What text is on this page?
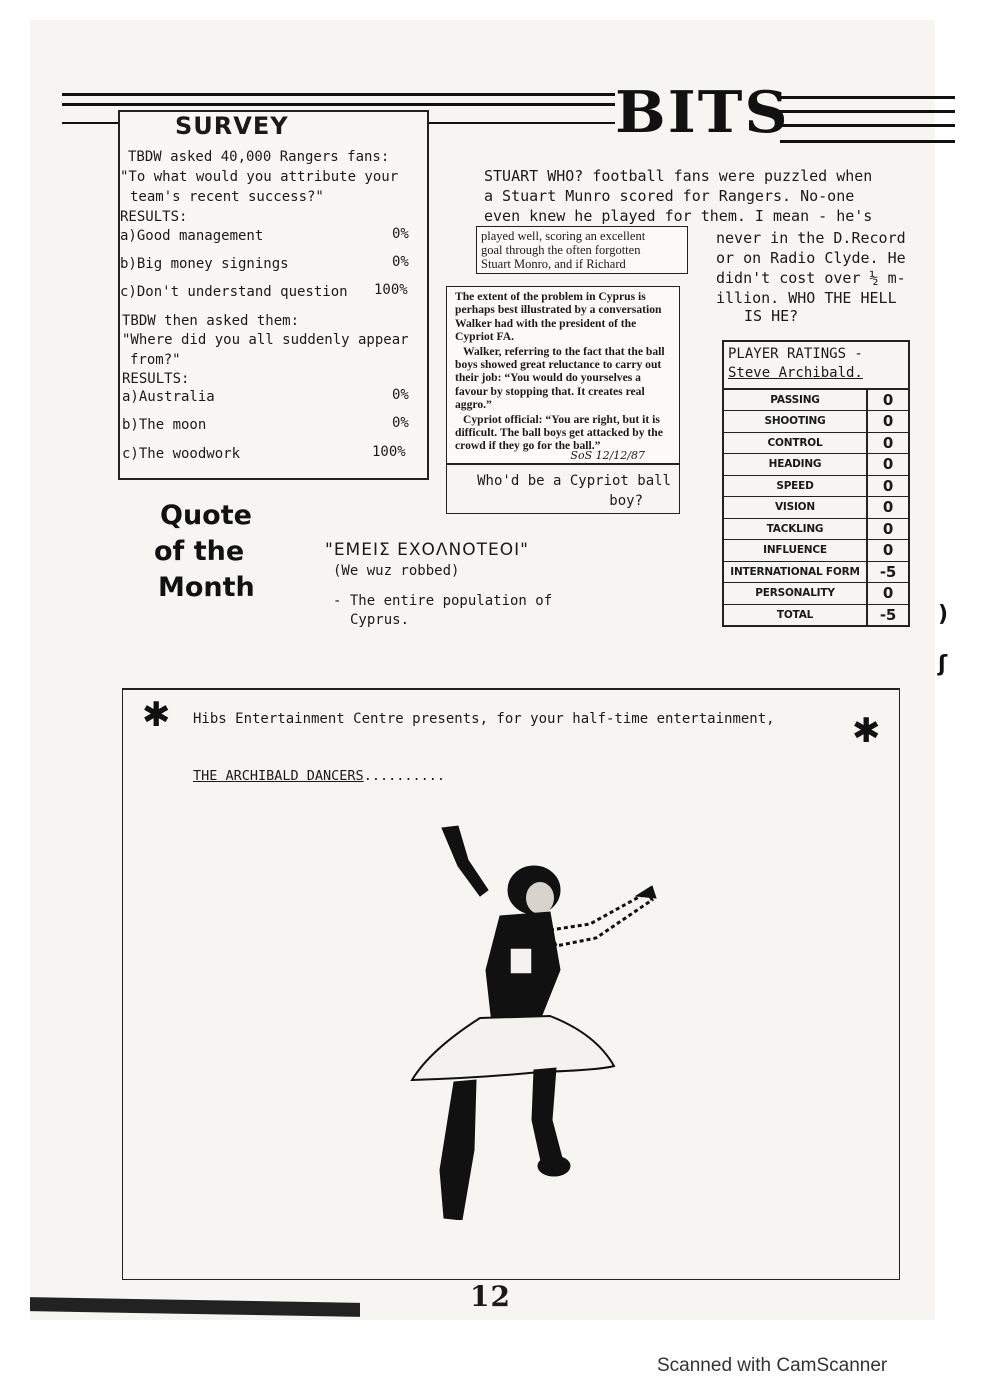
BITS
SURVEY
TBDW asked 40,000 Rangers fans:
"To what would you attribute your
team's recent success?"
RESULTS:
a)Good management	0%
b)Big money signings	0%
c)Don't understand question 100%
TBDW then asked them:
"Where did you all suddenly appear
from?"
RESULTS:
a)Australia	0%
b)The moon	0%
c)The woodwork	100%
STUART WHO? football fans were puzzled when
a Stuart Munro scored for Rangers. No-one
even knew he played for them. I mean - he's
never in the D.Record
or on Radio Clyde. He
didn't cost over ½ m-
illion. WHO THE HELL
IS HE?
played well, scoring an excellent
goal through the often forgotten
Stuart Monro, and if Richard

The extent of the problem in Cyprus is perhaps best illustrated by a conversation Walker had with the president of the Cypriot FA.

Walker, referring to the fact that the ball boys showed great reluctance to carry out their job: “You would do yourselves a favour by stopping that. It creates real aggro.”

Cypriot official: “You are right, but it is difficult. The ball boys get attacked by the crowd if they go for the ball.”

SoS 12/12/87
Who'd be a Cypriot ball
boy?
Quote
of the
Month
"ΕΜΕΙΣ ΕΧΟΛΝΟΤΕΟΙ"
(We wuz robbed)
- The entire population of
Cyprus.
PLAYER RATINGS -
Steve Archibald.
PASSING	0
SHOOTING	0
CONTROL	0
HEADING	0
SPEED	0
VISION	0
TACKLING	0
INFLUENCE	0
INTERNATIONAL FORM	-5
PERSONALITY	0
TOTAL	-5 )
ʃ
✱	✱
Hibs Entertainment Centre presents, for your half-time entertainment,
THE ARCHIBALD DANCERS..........
12
Scanned with CamScanner
